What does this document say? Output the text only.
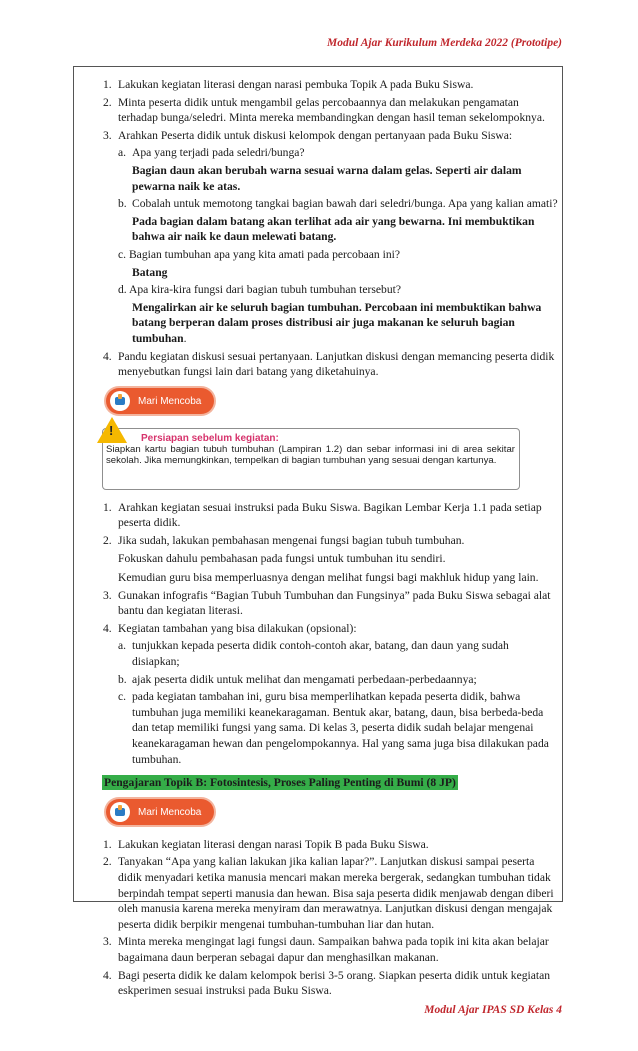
Modul Ajar Kurikulum Merdeka 2022 (Prototipe)
1. Lakukan kegiatan literasi dengan narasi pembuka Topik A pada Buku Siswa.
2. Minta peserta didik untuk mengambil gelas percobaannya dan melakukan pengamatan terhadap bunga/seledri. Minta mereka membandingkan dengan hasil teman sekelompoknya.
3. Arahkan Peserta didik untuk diskusi kelompok dengan pertanyaan pada Buku Siswa:
a. Apa yang terjadi pada seledri/bunga?
Bagian daun akan berubah warna sesuai warna dalam gelas. Seperti air dalam pewarna naik ke atas.
b. Cobalah untuk memotong tangkai bagian bawah dari seledri/bunga. Apa yang kalian amati?
Pada bagian dalam batang akan terlihat ada air yang bewarna. Ini membuktikan bahwa air naik ke daun melewati batang.
c. Bagian tumbuhan apa yang kita amati pada percobaan ini?
Batang
d. Apa kira-kira fungsi dari bagian tubuh tumbuhan tersebut?
Mengalirkan air ke seluruh bagian tumbuhan. Percobaan ini membuktikan bahwa batang berperan dalam proses distribusi air juga makanan ke seluruh bagian tumbuhan.
4. Pandu kegiatan diskusi sesuai pertanyaan. Lanjutkan diskusi dengan memancing peserta didik menyebutkan fungsi lain dari batang yang diketahuinya.
Mari Mencoba
!
Persiapan sebelum kegiatan:
Siapkan kartu bagian tubuh tumbuhan (Lampiran 1.2) dan sebar informasi ini di area sekitar sekolah. Jika memungkinkan, tempelkan di bagian tumbuhan yang sesuai dengan kartunya.
1. Arahkan kegiatan sesuai instruksi pada Buku Siswa. Bagikan Lembar Kerja 1.1 pada setiap peserta didik.
2. Jika sudah, lakukan pembahasan mengenai fungsi bagian tubuh tumbuhan.
Fokuskan dahulu pembahasan pada fungsi untuk tumbuhan itu sendiri.
Kemudian guru bisa memperluasnya dengan melihat fungsi bagi makhluk hidup yang lain.
3. Gunakan infografis “Bagian Tubuh Tumbuhan dan Fungsinya” pada Buku Siswa sebagai alat bantu dan kegiatan literasi.
4. Kegiatan tambahan yang bisa dilakukan (opsional):
a. tunjukkan kepada peserta didik contoh-contoh akar, batang, dan daun yang sudah disiapkan;
b. ajak peserta didik untuk melihat dan mengamati perbedaan-perbedaannya;
c. pada kegiatan tambahan ini, guru bisa memperlihatkan kepada peserta didik, bahwa tumbuhan juga memiliki keanekaragaman. Bentuk akar, batang, daun, bisa berbeda-beda dan tetap memiliki fungsi yang sama. Di kelas 3, peserta didik sudah belajar mengenai keanekaragaman hewan dan pengelompokannya. Hal yang sama juga bisa dilakukan pada tumbuhan.
Pengajaran Topik B: Fotosintesis, Proses Paling Penting di Bumi (8 JP)
Mari Mencoba
1. Lakukan kegiatan literasi dengan narasi Topik B pada Buku Siswa.
2. Tanyakan “Apa yang kalian lakukan jika kalian lapar?”. Lanjutkan diskusi sampai peserta didik menyadari ketika manusia mencari makan mereka bergerak, sedangkan tumbuhan tidak berpindah tempat seperti manusia dan hewan. Bisa saja peserta didik menjawab dengan diberi oleh manusia karena mereka menyiram dan merawatnya. Lanjutkan diskusi dengan mengajak peserta didik berpikir mengenai tumbuhan-tumbuhan liar dan hutan.
3. Minta mereka mengingat lagi fungsi daun. Sampaikan bahwa pada topik ini kita akan belajar bagaimana daun berperan sebagai dapur dan menghasilkan makanan.
4. Bagi peserta didik ke dalam kelompok berisi 3-5 orang. Siapkan peserta didik untuk kegiatan eskperimen sesuai instruksi pada Buku Siswa.
Modul Ajar IPAS SD Kelas 4
